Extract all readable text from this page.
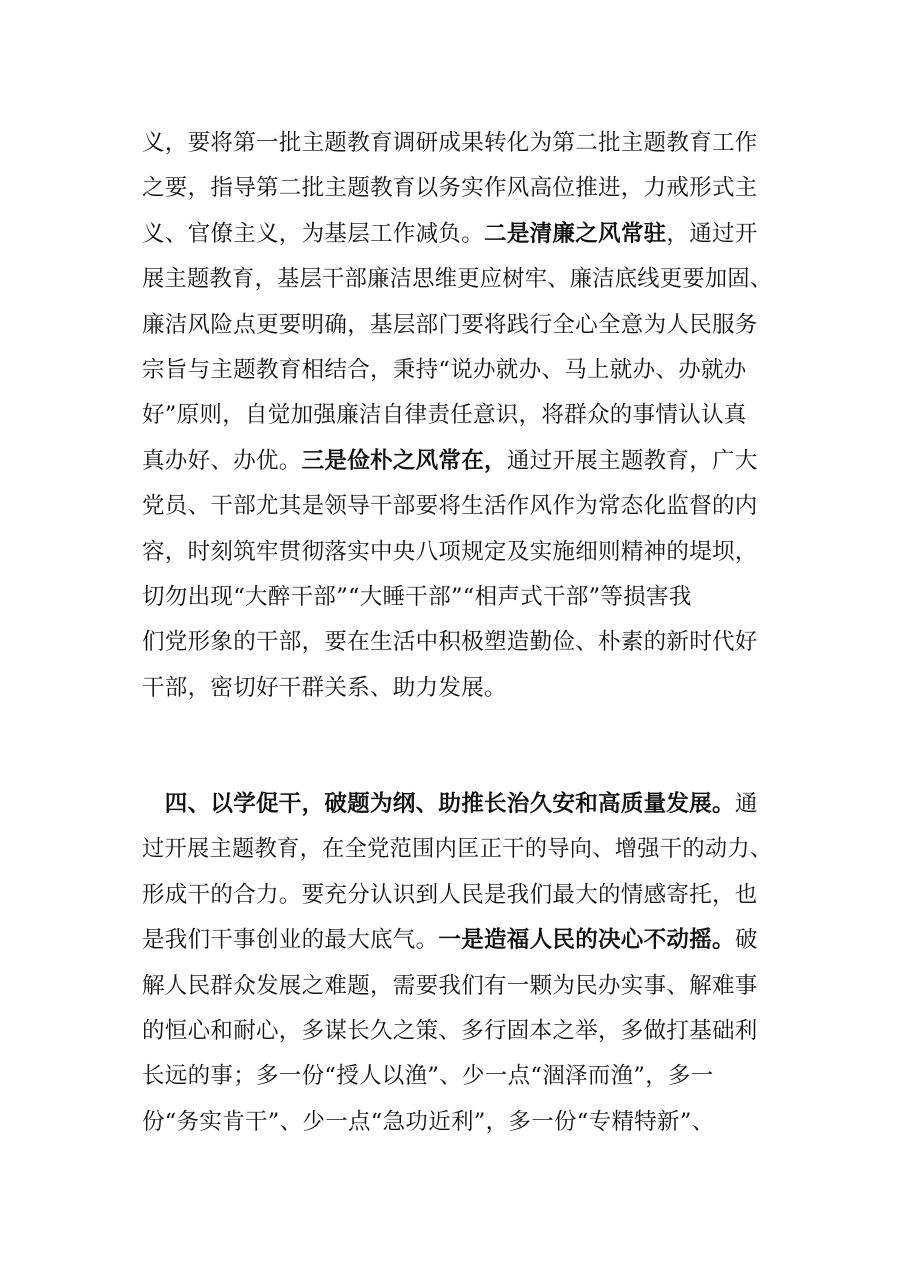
义，要将第一批主题教育调研成果转化为第二批主题教育工作
之要，指导第二批主题教育以务实作风高位推进，力戒形式主
义、官僚主义，为基层工作减负。二是清廉之风常驻，通过开
展主题教育，基层干部廉洁思维更应树牢、廉洁底线更要加固、
廉洁风险点更要明确，基层部门要将践行全心全意为人民服务
宗旨与主题教育相结合，秉持“说办就办、马上就办、办就办
好”原则，自觉加强廉洁自律责任意识，将群众的事情认认真
真办好、办优。三是俭朴之风常在，通过开展主题教育，广大
党员、干部尤其是领导干部要将生活作风作为常态化监督的内
容，时刻筑牢贯彻落实中央八项规定及实施细则精神的堤坝，
切勿出现“大醉干部”“大睡干部”“相声式干部”等损害我
们党形象的干部，要在生活中积极塑造勤俭、朴素的新时代好
干部，密切好干群关系、助力发展。
　四、以学促干，破题为纲、助推长治久安和高质量发展。通
过开展主题教育，在全党范围内匡正干的导向、增强干的动力、
形成干的合力。要充分认识到人民是我们最大的情感寄托，也
是我们干事创业的最大底气。一是造福人民的决心不动摇。破
解人民群众发展之难题，需要我们有一颗为民办实事、解难事
的恒心和耐心，多谋长久之策、多行固本之举，多做打基础利
长远的事；多一份“授人以渔”、少一点“涸泽而渔”，多一
份“务实肯干”、少一点“急功近利”，多一份“专精特新”、
